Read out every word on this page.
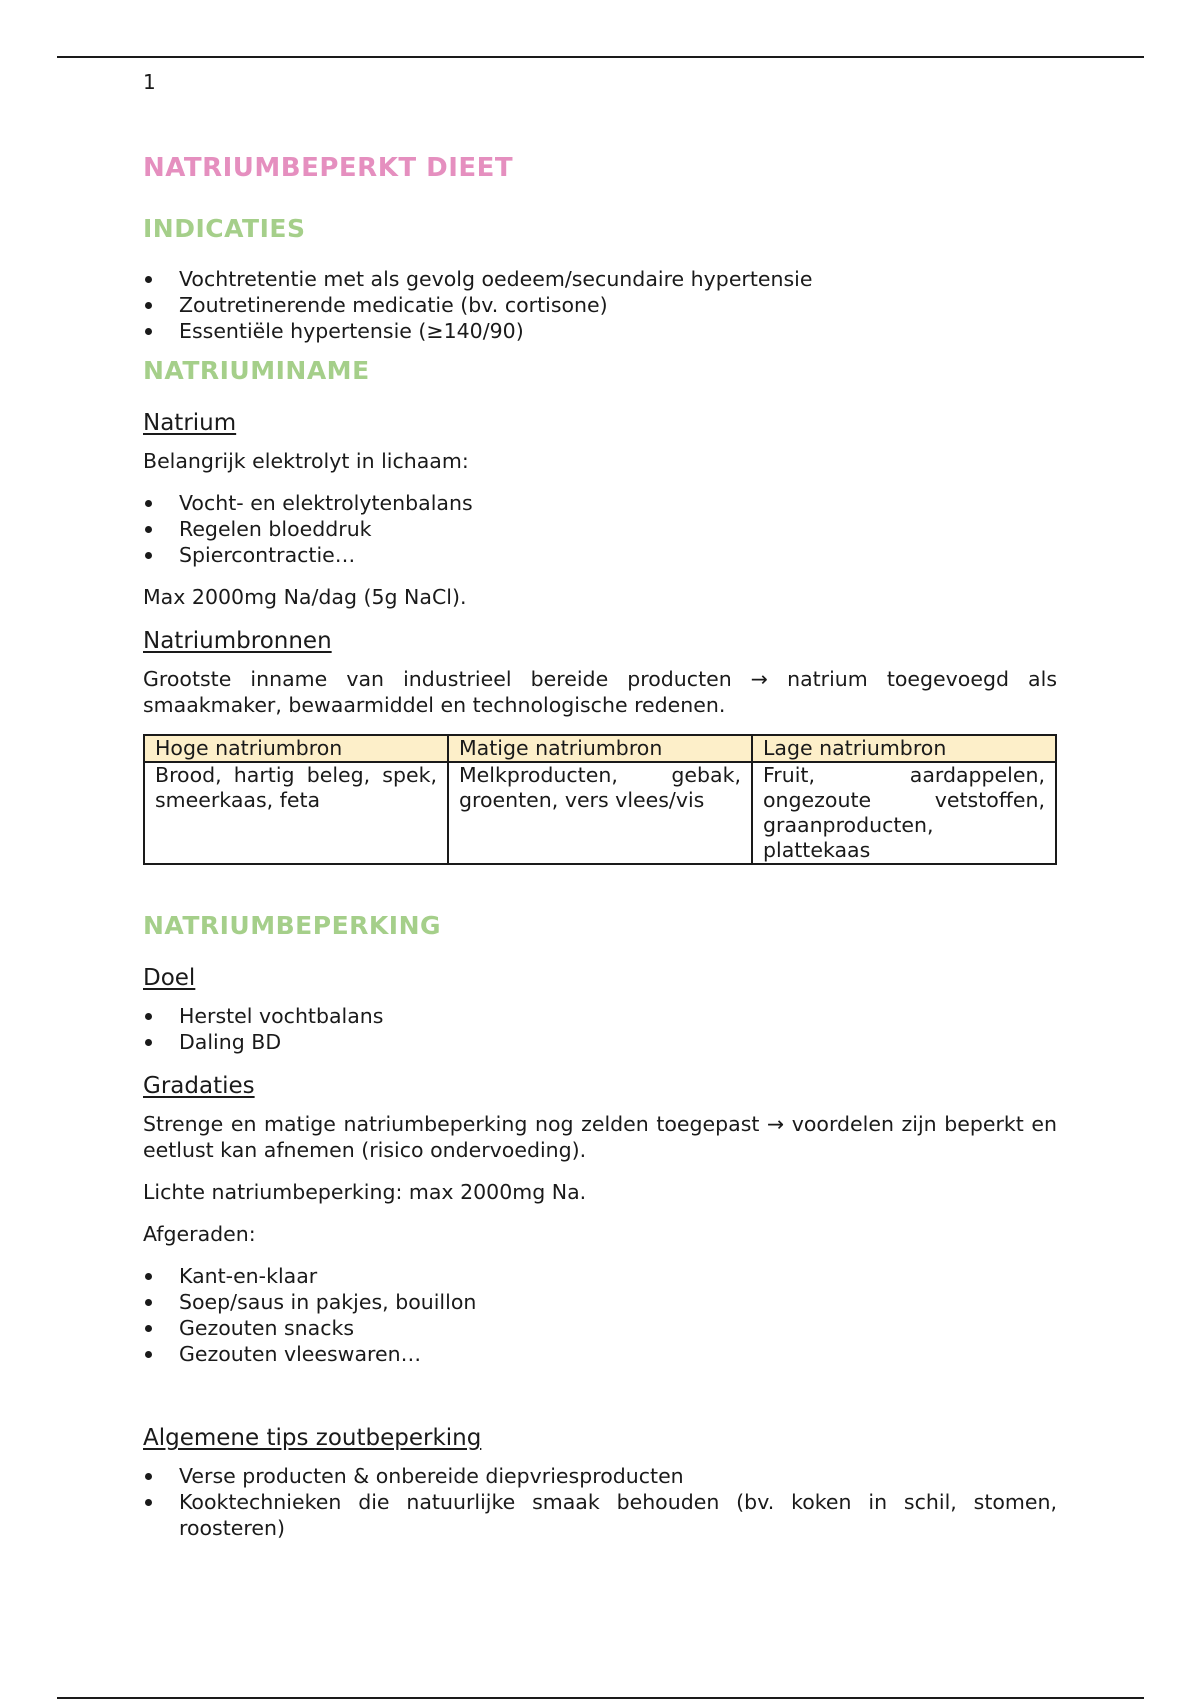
1
NATRIUMBEPERKT DIEET
INDICATIES
Vochtretentie met als gevolg oedeem/secundaire hypertensie
Zoutretinerende medicatie (bv. cortisone)
Essentiële hypertensie (≥140/90)
NATRIUMINAME
Natrium

Belangrijk elektrolyt in lichaam:

Vocht- en elektrolytenbalans
Regelen bloeddruk
Spiercontractie…

Max 2000mg Na/dag (5g NaCl).

Natriumbronnen

Grootste inname van industrieel bereide producten → natrium toegevoegd als smaakmaker, bewaarmiddel en technologische redenen.

Hoge natriumbron	Matige natriumbron	Lage natriumbron
Brood, hartig beleg, spek, smeerkaas, feta	Melkproducten, gebak, groenten, vers vlees/vis	Fruit, aardappelen, ongezoute vetstoffen, graanproducten, plattekaas
NATRIUMBEPERKING
Doel
Herstel vochtbalans
Daling BD
Gradaties

Strenge en matige natriumbeperking nog zelden toegepast → voordelen zijn beperkt en eetlust kan afnemen (risico ondervoeding).

Lichte natriumbeperking: max 2000mg Na.

Afgeraden:

Kant-en-klaar
Soep/saus in pakjes, bouillon
Gezouten snacks
Gezouten vleeswaren…
Algemene tips zoutbeperking
Verse producten & onbereide diepvriesproducten
Kooktechnieken die natuurlijke smaak behouden (bv. koken in schil, stomen, roosteren)
